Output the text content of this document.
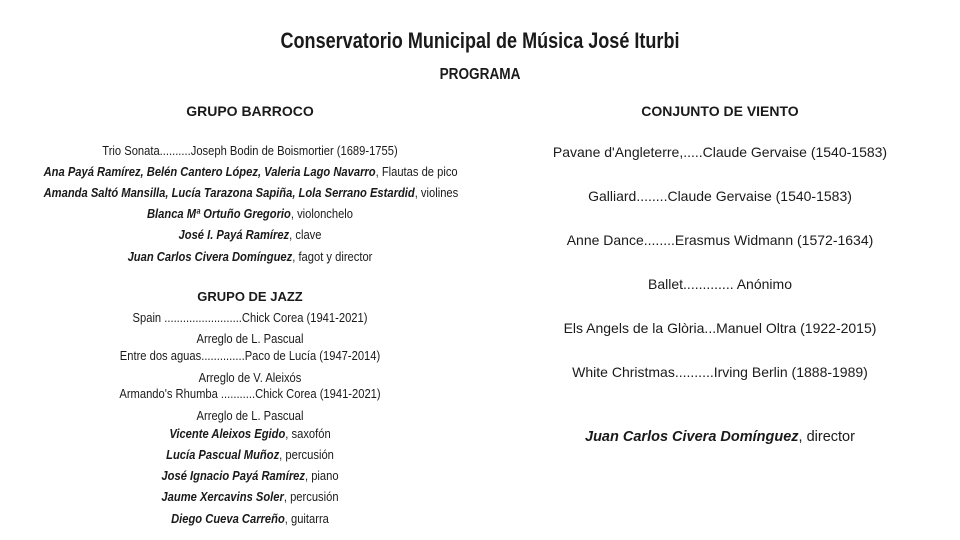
Conservatorio Municipal de Música José Iturbi
PROGRAMA
GRUPO BARROCO
Trio Sonata..........Joseph Bodin de Boismortier (1689-1755)
Ana Payá Ramírez, Belén Cantero López, Valeria Lago Navarro, Flautas de pico
Amanda Saltó Mansilla, Lucía Tarazona Sapiña, Lola Serrano Estardid, violines
Blanca Mª Ortuño Gregorio, violonchelo
José I. Payá Ramírez, clave
Juan Carlos Civera Domínguez, fagot y director
GRUPO DE JAZZ
Spain .........................Chick Corea (1941-2021)
Arreglo de L. Pascual
Entre dos aguas..............Paco de Lucía (1947-2014)
Arreglo de V. Aleixós
Armando's Rhumba ...........Chick Corea (1941-2021)
Arreglo de L. Pascual
Vicente Aleixos Egido, saxofón
Lucía Pascual Muñoz, percusión
José Ignacio Payá Ramírez, piano
Jaume Xercavins Soler, percusión
Diego Cueva Carreño, guitarra
CONJUNTO DE VIENTO
Pavane d'Angleterre,.....Claude Gervaise (1540-1583)
Galliard........Claude Gervaise (1540-1583)
Anne Dance........Erasmus Widmann (1572-1634)
Ballet............. Anónimo
Els Angels de la Glòria...Manuel Oltra (1922-2015)
White Christmas..........Irving Berlin (1888-1989)
Juan Carlos Civera Domínguez, director
